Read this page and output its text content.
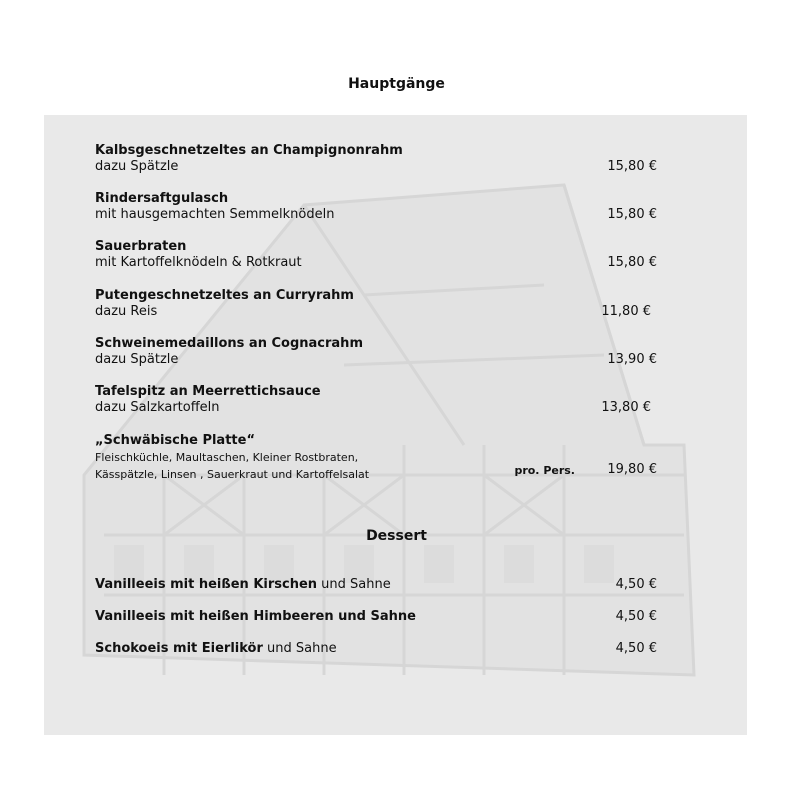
Hauptgänge
Kalbsgeschnetzeltes an Champignonrahm
dazu Spätzle	15,80 €
Rindersaftgulasch
mit hausgemachten Semmelknödeln	15,80 €
Sauerbraten
mit Kartoffelknödeln & Rotkraut	15,80 €
Putengeschnetzeltes an Curryrahm
dazu Reis	11,80 €
Schweinemedaillons an Cognacrahm
dazu Spätzle	13,90 €
Tafelspitz an Meerrettichsauce
dazu Salzkartoffeln	13,80 €
„Schwäbische Platte“
Fleischküchle, Maultaschen, Kleiner Rostbraten,
Kässpätzle, Linsen , Sauerkraut und Kartoffelsalat	pro. Pers. 19,80 €
Dessert
Vanilleeis mit heißen Kirschen und Sahne	4,50 €
Vanilleeis mit heißen Himbeeren und Sahne	4,50 €
Schokoeis mit Eierlikör und Sahne	4,50 €
